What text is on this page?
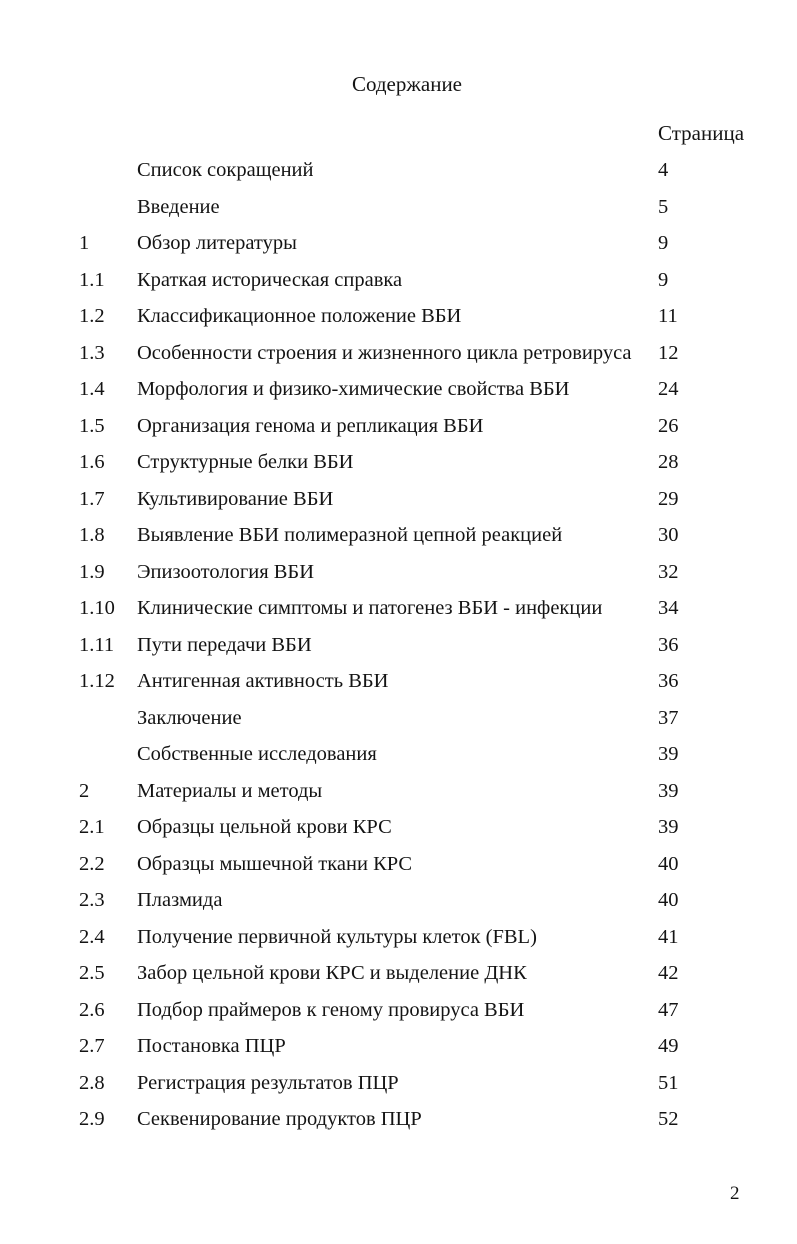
Содержание
Страница
Список сокращений	4
Введение	5
1 Обзор литературы	9
1.1 Краткая историческая справка	9
1.2 Классификационное положение ВБИ	11
1.3 Особенности строения и жизненного цикла ретровируса 12
1.4 Морфология и физико-химические свойства ВБИ	24
1.5 Организация генома и репликация ВБИ	26
1.6 Структурные белки ВБИ	28
1.7 Культивирование ВБИ	29
1.8 Выявление ВБИ полимеразной цепной реакцией	30
1.9 Эпизоотология ВБИ	32
1.10 Клинические симптомы и патогенез ВБИ - инфекции	34
1.11 Пути передачи ВБИ	36
1.12 Антигенная активность ВБИ	36
Заключение	37
Собственные исследования	39
2 Материалы и методы	39
2.1 Образцы цельной крови КРС	39
2.2 Образцы мышечной ткани КРС	40
2.3 Плазмида	40
2.4 Получение первичной культуры клеток (FBL)	41
2.5 Забор цельной крови КРС и выделение ДНК	42
2.6 Подбор праймеров к геному провируса ВБИ	47
2.7 Постановка ПЦР	49
2.8 Регистрация результатов ПЦР	51
2.9 Секвенирование продуктов ПЦР	52
2
